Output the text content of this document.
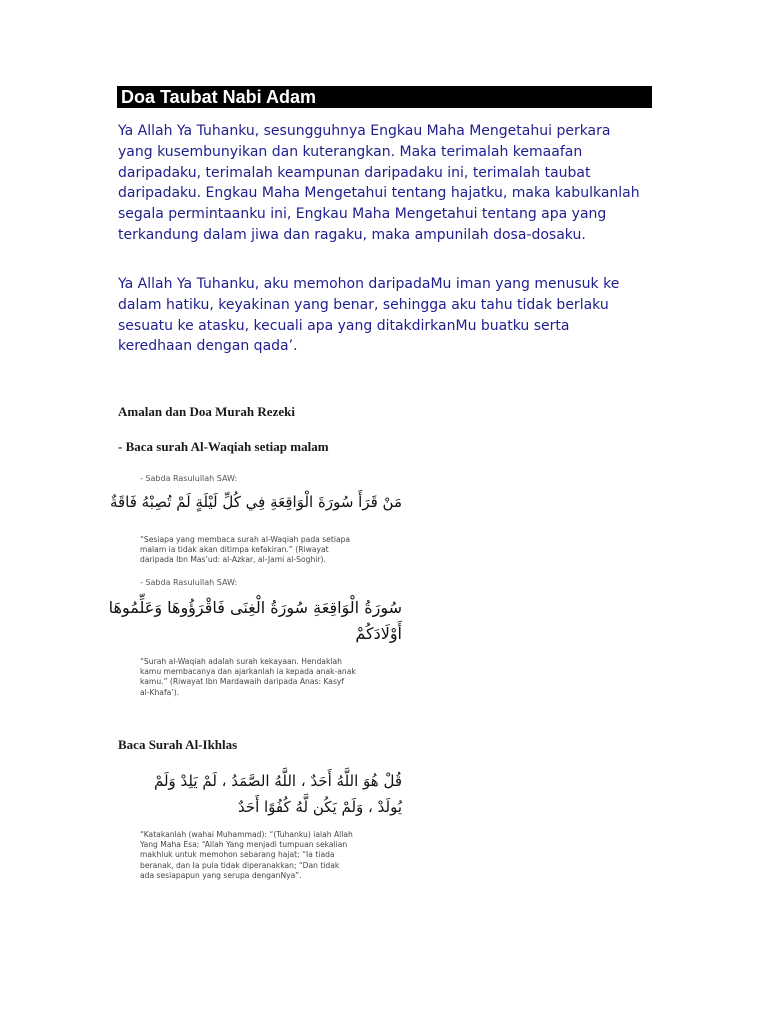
Doa Taubat Nabi Adam

Ya Allah Ya Tuhanku, sesungguhnya Engkau Maha Mengetahui perkara
yang kusembunyikan dan kuterangkan. Maka terimalah kemaafan
daripadaku, terimalah keampunan daripadaku ini, terimalah taubat
daripadaku. Engkau Maha Mengetahui tentang hajatku, maka kabulkanlah
segala permintaanku ini, Engkau Maha Mengetahui tentang apa yang
terkandung dalam jiwa dan ragaku, maka ampunilah dosa-dosaku.

Ya Allah Ya Tuhanku, aku memohon daripadaMu iman yang menusuk ke
dalam hatiku, keyakinan yang benar, sehingga aku tahu tidak berlaku
sesuatu ke atasku, kecuali apa yang ditakdirkanMu buatku serta
keredhaan dengan qada’.

Amalan dan Doa Murah Rezeki
- Baca surah Al-Waqiah setiap malam
- Sabda Rasulullah SAW:
مَنْ قَرَأَ سُورَةَ الْوَاقِعَةِ فِي كُلِّ لَيْلَةٍ لَمْ تُصِبْهُ فَاقَةٌ
“Sesiapa yang membaca surah al-Waqiah pada setiapa
malam ia tidak akan ditimpa kefakiran.” (Riwayat
daripada Ibn Mas’ud: al-Azkar, al-Jami al-Soghir).
- Sabda Rasulullah SAW:
سُورَةُ الْوَاقِعَةِ سُورَةُ الْغِنَى فَاقْرَؤُوهَا وَعَلِّمُوهَا
أَوْلَادَكُمْ
“Surah al-Waqiah adalah surah kekayaan. Hendaklah
kamu membacanya dan ajarkanlah ia kepada anak-anak
kamu.” (Riwayat Ibn Mardawaih daripada Anas: Kasyf
al-Khafa’).
Baca Surah Al-Ikhlas
قُلْ هُوَ اللَّهُ أَحَدٌ ، اللَّهُ الصَّمَدُ ، لَمْ يَلِدْ وَلَمْ
يُولَدْ ، وَلَمْ يَكُن لَّهُ كُفُوًا أَحَدٌ
“Katakanlah (wahai Muhammad): “(Tuhanku) ialah Allah
Yang Maha Esa; “Allah Yang menjadi tumpuan sekalian
makhluk untuk memohon sebarang hajat; “Ia tiada
beranak, dan Ia pula tidak diperanakkan; “Dan tidak
ada sesiapapun yang serupa denganNya”.
